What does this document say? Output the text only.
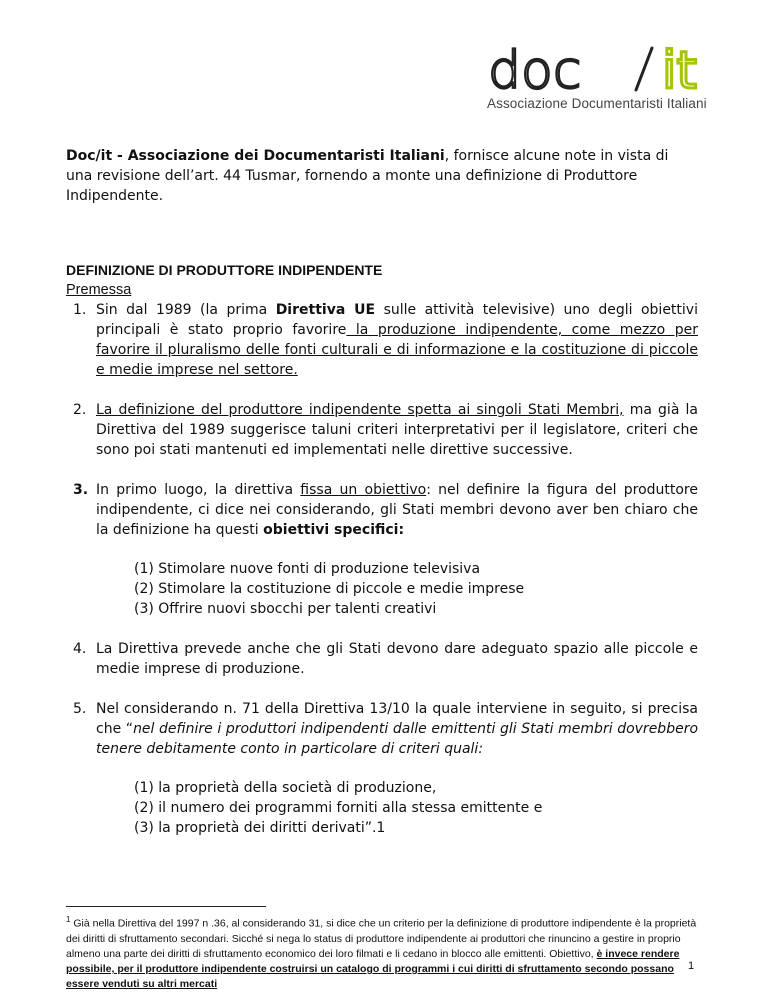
doc it
Associazione Documentaristi Italiani

Doc/it - Associazione dei Documentaristi Italiani, fornisce alcune note in vista di una revisione dell’art. 44 Tusmar, fornendo a monte una definizione di Produttore Indipendente.

DEFINIZIONE DI PRODUTTORE INDIPENDENTE
Premessa
1. Sin dal 1989 (la prima Direttiva UE sulle attività televisive) uno degli obiettivi principali è stato proprio favorire la produzione indipendente, come mezzo per favorire il pluralismo delle fonti culturali e di informazione e la costituzione di piccole e medie imprese nel settore.
2. La definizione del produttore indipendente spetta ai singoli Stati Membri, ma già la Direttiva del 1989 suggerisce taluni criteri interpretativi per il legislatore, criteri che sono poi stati mantenuti ed implementati nelle direttive successive.
3. In primo luogo, la direttiva fissa un obiettivo: nel definire la figura del produttore indipendente, ci dice nei considerando, gli Stati membri devono aver ben chiaro che la definizione ha questi obiettivi specifici:
(1) Stimolare nuove fonti di produzione televisiva
(2) Stimolare la costituzione di piccole e medie imprese
(3) Offrire nuovi sbocchi per talenti creativi
4. La Direttiva prevede anche che gli Stati devono dare adeguato spazio alle piccole e medie imprese di produzione.
5. Nel considerando n. 71 della Direttiva 13/10 la quale interviene in seguito, si precisa che “nel definire i produttori indipendenti dalle emittenti gli Stati membri dovrebbero tenere debitamente conto in particolare di criteri quali:
(1) la proprietà della società di produzione,
(2) il numero dei programmi forniti alla stessa emittente e
(3) la proprietà dei diritti derivati”.1
$^1$ Già nella Direttiva del 1997 n .36, al considerando 31, si dice che un criterio per la definizione di produttore indipendente è la proprietà dei diritti di sfruttamento secondari. Sicché si nega lo status di produttore indipendente ai produttori che rinuncino a gestire in proprio almeno una parte dei diritti di sfruttamento economico dei loro filmati e li cedano in blocco alle emittenti. Obiettivo, è invece rendere possibile, per il produttore indipendente costruirsi un catalogo di programmi i cui diritti di sfruttamento secondo possano essere venduti su altri mercati
1
